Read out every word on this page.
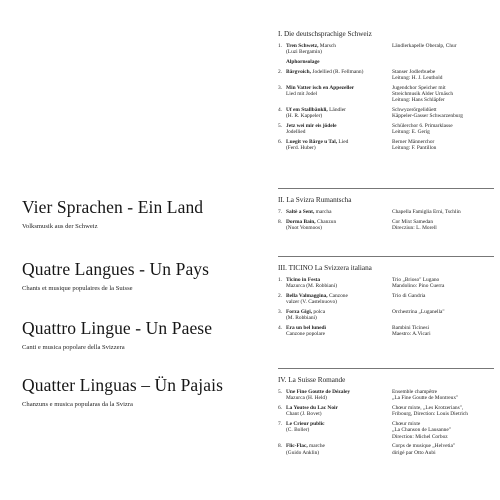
Vier Sprachen - Ein Land
Volksmusik aus der Schweiz
Quatre Langues - Un Pays
Chants et musique populaires de la Suisse
Quattro Lingue - Un Paese
Canti e musica popolare della Svizzera
Quatter Linguas – Ün Pajais
Chanzuns e musica popularas da la Svizra
I. Die deutschsprachige Schweiz
1. Tren Schwetz, Marsch
(Luzi Bergamin)
Ländlerkapelle Oberalp, Chur
Alphornsolage
2. Bärgvoich, Jodellied (R. Fellmann)	Stanser Jodlerbuebe
Leitung: H. J. Leuthold
3. Min Vatter isch en Appezeller
Lied mit Jodel
Jugendchor Speicher mit
Streichmusik Alder Urnäsch
Leitung: Hans Schläpfer
4. Uf em Stallbänkli, Ländler
(H. R. Kappeler)
Schwyzerörgelidüett
Käppeler-Gasser Schwarzenburg
5. Jetz wei mir eis jödele
Jodellied
Schülerchor 6. Primarklasse
Leitung: E. Gerig
6. Luegit vo Bärge u Tal, Lied
(Ferd. Huber)
Berner Männerchor
Leitung: F. Pantillon
II. La Svizra Rumantscha
7. Saltè a Sent, marcha	Chapella Famiglia Erni, Tschlin
8. Dorma Bain, Chanzun
(Nuot Vonmoos)
Cor Mixt Samedan
Direcziun: L. Morell
III. TICINO La Svizzera italiana
1. Ticino in Festa
Mazurca (M. Robbiani)
Trio „Brioso" Lugano
Mandolino: Pino Cuerra
2. Bella Valmaggina, Canzone
valzer (V. Castelnuovo)
Trio di Gandria
3. Forza Gigi, polca
(M. Robbiani)
Orchestrina „Luganella"
4. Era un bel lunedì
Canzone popolare
Bambini Ticinesi
Maestro: A.Vicari
IV. La Suisse Romande
5. Une Fine Goutte de Dézaley
Mazurca (H. Held)
Ensemble champêtre
„La Fine Goutte de Montreux"
6. La Youtse du Lac Noir
Chant (J. Bovet)
Chœur mixte, „Les Krotzerians",
Fribourg, Direction: Louis Dietrich
7. Le Crieur public
(C. Boller)
Chœur mixte
„La Chanson de Lausanne"
Direction: Michel Corboz
8. Flic-Flac, marche
(Guido Anklin)
Corps de musique „Helvetia"
dirigé par Otto Aubi
